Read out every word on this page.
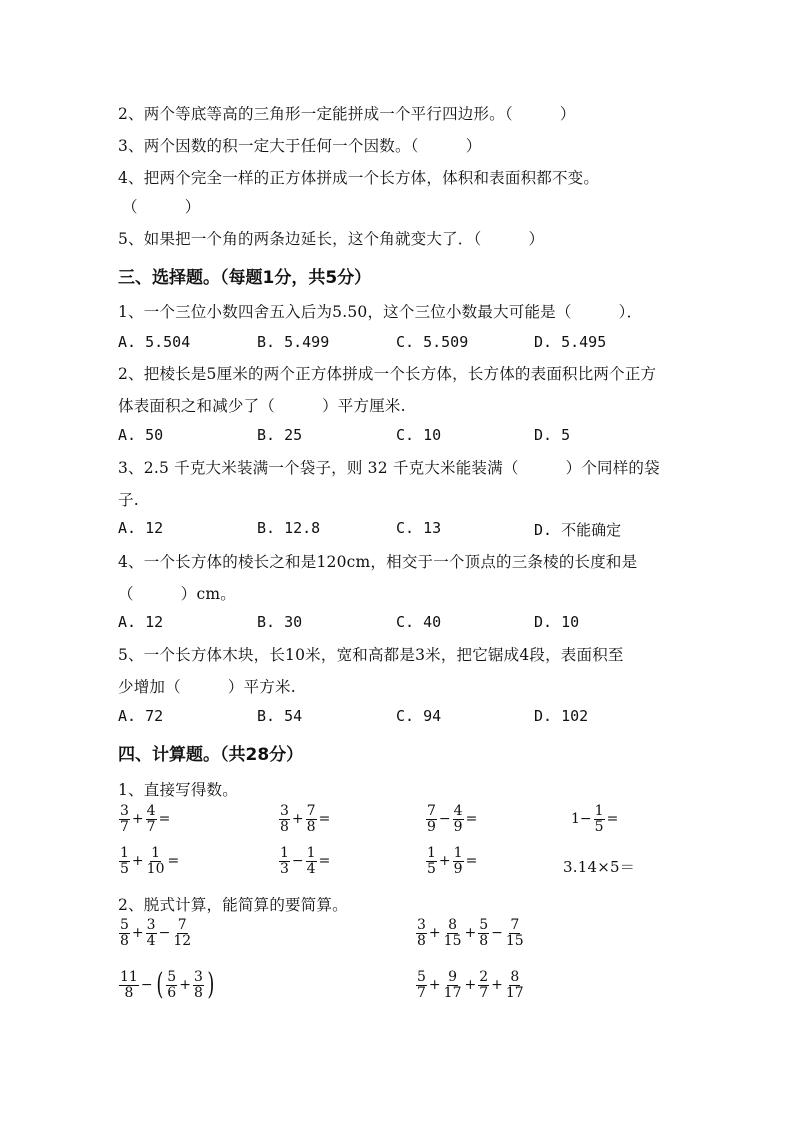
2、两个等底等高的三角形一定能拼成一个平行四边形。（　　　）
3、两个因数的积一定大于任何一个因数。（　　　）
4、把两个完全一样的正方体拼成一个长方体，体积和表面积都不变。
（　　　）
5、如果把一个角的两条边延长，这个角就变大了．（　　　）
三、选择题。（每题1分，共5分）
1、一个三位小数四舍五入后为5.50，这个三位小数最大可能是（　　　）．
A. 5.504	B. 5.499	C. 5.509	D. 5.495
2、把棱长是5厘米的两个正方体拼成一个长方体，长方体的表面积比两个正方
体表面积之和减少了（　　　）平方厘米.
A. 50	B. 25	C. 10	D. 5
3、2.5 千克大米装满一个袋子，则 32 千克大米能装满（　　　）个同样的袋
子.
A. 12	B. 12.8	C. 13	D. 不能确定
4、一个长方体的棱长之和是120cm，相交于一个顶点的三条棱的长度和是
（　　　）cm。
A. 12	B. 30	C. 40	D. 10
5、一个长方体木块，长10米，宽和高都是3米，把它锯成4段，表面积至
少增加（　　　）平方米.
A. 72	B. 54	C. 94	D. 102
四、计算题。（共28分）
1、直接写得数。
$\frac{3}{7} + \frac{4}{7}$ =	$\frac{3}{8} + \frac{7}{8}$ =	$\frac{7}{9} - \frac{4}{9}$ =	$1- \frac{1}{5}$ =
$\frac{1}{5} + \frac{1}{10}$ =	$\frac{1}{3} - \frac{1}{4}$ =	$\frac{1}{5} + \frac{1}{9}$ =	3.14×5＝
2、脱式计算，能简算的要简算。
$\frac{5}{8} + \frac{3}{4} - \frac{7}{12}$	$\frac{3}{8} + \frac{8}{15} + \frac{5}{8} - \frac{7}{15}$
$\frac{11}{8}$ − ( $\frac{5}{6} + \frac{3}{8}$ )	$\frac{5}{7} + \frac{9}{17} + \frac{2}{7} + \frac{8}{17}$
